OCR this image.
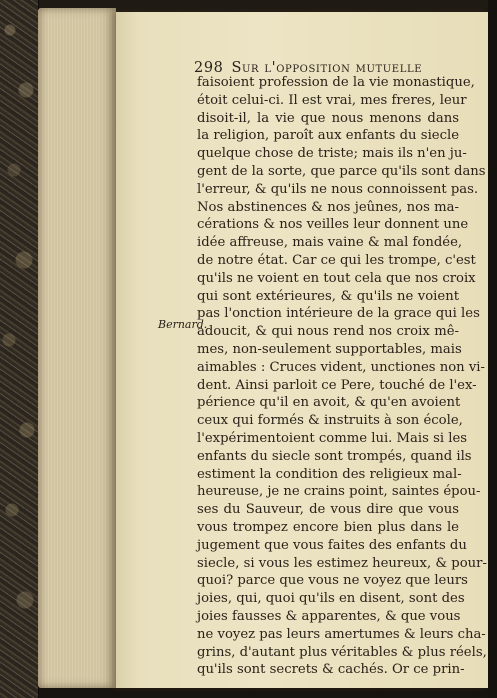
298 Sur l'opposition mutuelle
Bernard.
faisoient profession de la vie monastique,
étoit celui-ci. Il est vrai, mes freres, leur
disoit-il, la vie que nous menons dans
la religion, paroît aux enfants du siecle
quelque chose de triste; mais ils n'en ju-
gent de la sorte, que parce qu'ils sont dans
l'erreur, & qu'ils ne nous connoissent pas.
Nos abstinences & nos jeûnes, nos ma-
cérations & nos veilles leur donnent une
idée affreuse, mais vaine & mal fondée,
de notre état. Car ce qui les trompe, c'est
qu'ils ne voient en tout cela que nos croix
qui sont extérieures, & qu'ils ne voient
pas l'onction intérieure de la grace qui les
adoucit, & qui nous rend nos croix mê-
mes, non-seulement supportables, mais
aimables : Cruces vident, unctiones non vi-
dent. Ainsi parloit ce Pere, touché de l'ex-
périence qu'il en avoit, & qu'en avoient
ceux qui formés & instruits à son école,
l'expérimentoient comme lui. Mais si les
enfants du siecle sont trompés, quand ils
estiment la condition des religieux mal-
heureuse, je ne crains point, saintes épou-
ses du Sauveur, de vous dire que vous
vous trompez encore bien plus dans le
jugement que vous faites des enfants du
siecle, si vous les estimez heureux, & pour-
quoi? parce que vous ne voyez que leurs
joies, qui, quoi qu'ils en disent, sont des
joies fausses & apparentes, & que vous
ne voyez pas leurs amertumes & leurs cha-
grins, d'autant plus véritables & plus réels,
qu'ils sont secrets & cachés. Or ce prin-
